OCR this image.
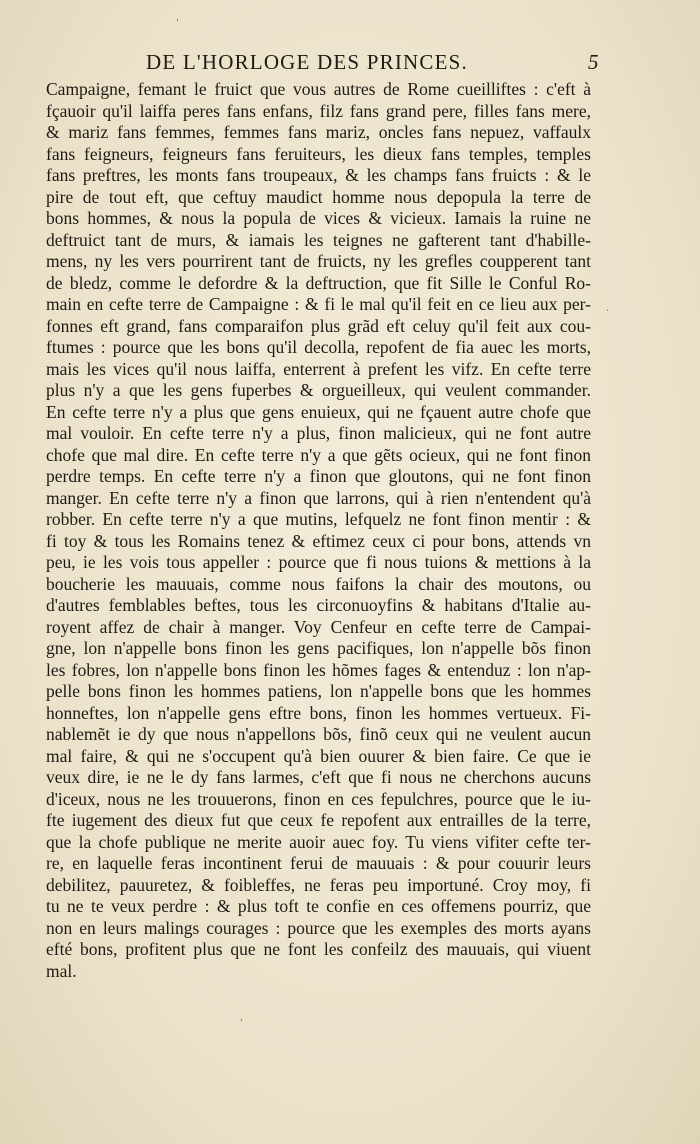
DE L'HORLOGE DES PRINCES.	5
Campaigne, femant le fruict que vous autres de Rome cueilliftes : c'eft à
fçauoir qu'il laiffa peres fans enfans, filz fans grand pere, filles fans mere,
& mariz fans femmes, femmes fans mariz, oncles fans nepuez, vaffaulx
fans feigneurs, feigneurs fans feruiteurs, les dieux fans temples, temples
fans preftres, les monts fans troupeaux, & les champs fans fruicts : & le
pire de tout eft, que ceftuy maudict homme nous depopula la terre de
bons hommes, & nous la popula de vices & vicieux. Iamais la ruine ne
deftruict tant de murs, & iamais les teignes ne gafterent tant d'habille-
mens, ny les vers pourrirent tant de fruicts, ny les grefles coupperent tant
de bledz, comme le defordre & la deftruction, que fit Sille le Conful Ro-
main en cefte terre de Campaigne : & fi le mal qu'il feit en ce lieu aux per-
fonnes eft grand, fans comparaifon plus grãd eft celuy qu'il feit aux cou-
ftumes : pource que les bons qu'il decolla, repofent de fia auec les morts,
mais les vices qu'il nous laiffa, enterrent à prefent les vifz. En cefte terre
plus n'y a que les gens fuperbes & orgueilleux, qui veulent commander.
En cefte terre n'y a plus que gens enuieux, qui ne fçauent autre chofe que
mal vouloir. En cefte terre n'y a plus, finon malicieux, qui ne font autre
chofe que mal dire. En cefte terre n'y a que gẽts ocieux, qui ne font finon
perdre temps. En cefte terre n'y a finon que gloutons, qui ne font finon
manger. En cefte terre n'y a finon que larrons, qui à rien n'entendent qu'à
robber. En cefte terre n'y a que mutins, lefquelz ne font finon mentir : &
fi toy & tous les Romains tenez & eftimez ceux ci pour bons, attends vn
peu, ie les vois tous appeller : pource que fi nous tuions & mettions à la
boucherie les mauuais, comme nous faifons la chair des moutons, ou
d'autres femblables beftes, tous les circonuoyfins & habitans d'Italie au-
royent affez de chair à manger. Voy Cenfeur en cefte terre de Campai-
gne, lon n'appelle bons finon les gens pacifiques, lon n'appelle bõs finon
les fobres, lon n'appelle bons finon les hõmes fages & entenduz : lon n'ap-
pelle bons finon les hommes patiens, lon n'appelle bons que les hommes
honneftes, lon n'appelle gens eftre bons, finon les hommes vertueux. Fi-
nablemẽt ie dy que nous n'appellons bõs, finõ ceux qui ne veulent aucun
mal faire, & qui ne s'occupent qu'à bien ouurer & bien faire. Ce que ie
veux dire, ie ne le dy fans larmes, c'eft que fi nous ne cherchons aucuns
d'iceux, nous ne les trouuerons, finon en ces fepulchres, pource que le iu-
fte iugement des dieux fut que ceux fe repofent aux entrailles de la terre,
que la chofe publique ne merite auoir auec foy. Tu viens vifiter cefte ter-
re, en laquelle feras incontinent ferui de mauuais : & pour couurir leurs
debilitez, pauuretez, & foibleffes, ne feras peu importuné. Croy moy, fi
tu ne te veux perdre : & plus toft te confie en ces offemens pourriz, que
non en leurs malings courages : pource que les exemples des morts ayans
efté bons, profitent plus que ne font les confeilz des mauuais, qui viuent
mal.
'
,
·
